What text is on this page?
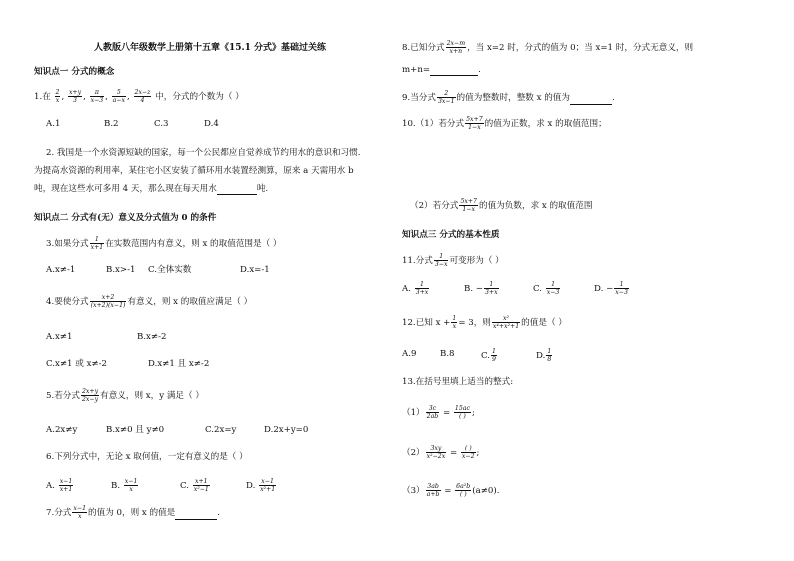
人教版八年级数学上册第十五章《15.1 分式》基础过关练
知识点一 分式的概念
1.在 $\frac{2}{x}$ , $\frac{x+y}{3}$ , $\frac{\pi}{x-3}$ , $\frac{5}{a-x}$ , $\frac{2x-z}{4}$ 中，分式的个数为（ ）
A.1	B.2	C.3	D.4
2. 我国是一个水资源短缺的国家，每一个公民都应自觉养成节约用水的意识和习惯.
为提高水资源的利用率，某住宅小区安装了循环用水装置经测算，原来 a 天需用水 b
吨，现在这些水可多用 4 天，那么现在每天用水	吨.
知识点二 分式有(无）意义及分式值为 0 的条件
3.如果分式 $\frac{1}{x+1}$ 在实数范围内有意义，则 x 的取值范围是（ ）
A.x≠-1	B.x>-1 C.全体实数	D.x=-1
4.要使分式 $\frac{x+2}{(x+2)(x-1)}$ 有意义，则 x 的取值应满足（ ）
A.x≠1	B.x≠-2
C.x≠1 或 x≠-2	D.x≠1 且 x≠-2
5.若分式 $\frac{2x+y}{2x-y}$ 有意义，则 x，y 满足（ ）
A.2x≠y	B.x≠0 且 y≠0	C.2x=y	D.2x+y=0
6.下列分式中，无论 x 取何值，一定有意义的是（ ）
A. $\frac{x-1}{x+1}$	B. $\frac{x-1}{x}$	C. $\frac{x+1}{\text{x²−1}}$	D. $\frac{x-1}{\text{x²+1}}$
7.分式 $\frac{x-1}{x}$ 的值为 0，则 x 的值是	.
8.已知分式 $\frac{2x-m}{x+n}$ ，当 x=2 时，分式的值为 0；当 x=1 时，分式无意义，则
m+n=	.
9.当分式 $\frac{2}{3x-1}$ 的值为整数时，整数 x 的值为	.
10.（1）若分式 $\frac{5x+7}{1-x}$ 的值为正数，求 x 的取值范围；
（2）若分式 $\frac{5x+7}{1-x}$ 的值为负数，求 x 的取值范围
知识点三 分式的基本性质
11.分式 $\frac{1}{3-x}$ 可变形为（ ）
A. $\frac{1}{3+x}$	B. − $\frac{1}{3+x}$	C. $\frac{1}{x-3}$	D. − $\frac{1}{x-3}$
12.已知 $x + \frac{1}{x} = 3$，则 $\frac{\text{x²}}{\text{x⁴+x²+1}}$ 的值是（ ）
A.9	B.8	C. $\frac{1}{9}$	D. $\frac{1}{8}$
13.在括号里填上适当的整式:
$(1) \frac{3c}{2ab} = \frac{15ac}{( )}$ ;
$(2) \frac{3xy}{\text{x²−2x}} = \frac{( )}{x-2}$ ;
$(3) \frac{3ab}{a+b} = \frac{\text{6a²b}}{( )} (a\ne 0)$.
